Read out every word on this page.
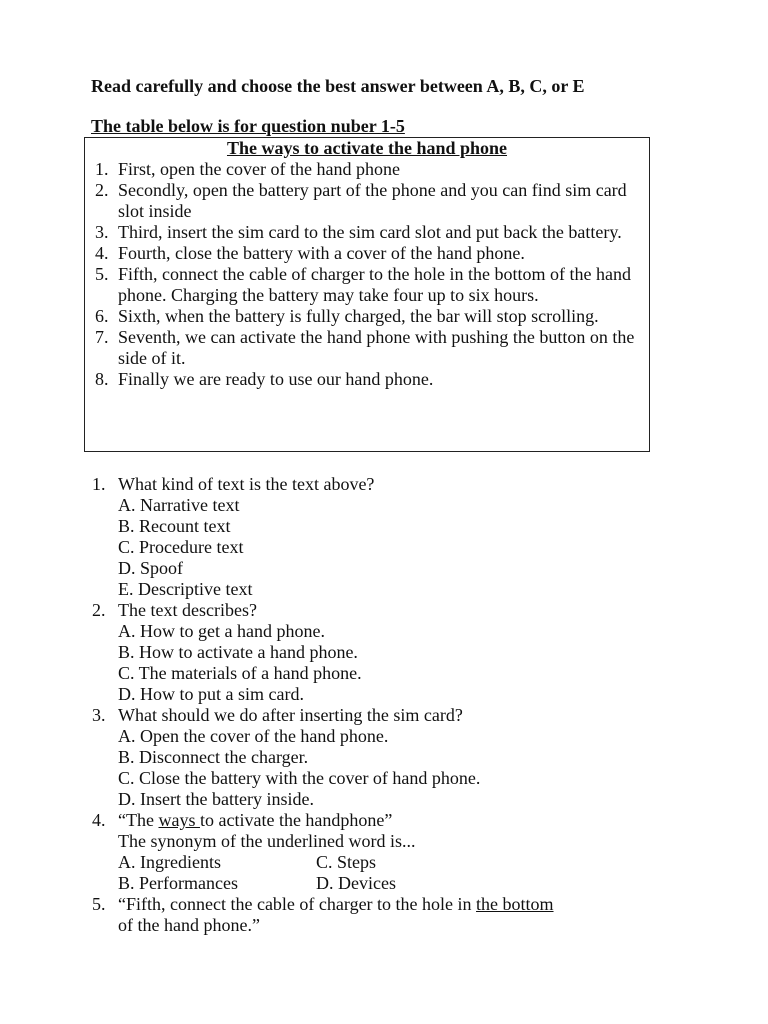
Read carefully and choose the best answer between A, B, C, or E
The table below is for question nuber 1-5
The ways to activate the hand phone
1. First, open the cover of the hand phone
2. Secondly, open the battery part of the phone and you can find sim card slot inside
3. Third, insert the sim card to the sim card slot and put back the battery.
4. Fourth, close the battery with a cover of the hand phone.
5. Fifth, connect the cable of charger to the hole in the bottom of the hand phone. Charging the battery may take four up to six hours.
6. Sixth, when the battery is fully charged, the bar will stop scrolling.
7. Seventh, we can activate the hand phone with pushing the button on the side of it.
8. Finally we are ready to use our hand phone.
1. What kind of text is the text above?
A. Narrative text
B. Recount text
C. Procedure text
D. Spoof
E. Descriptive text
2. The text describes?
A. How to get a hand phone.
B. How to activate a hand phone.
C. The materials of a hand phone.
D. How to put a sim card.
3. What should we do after inserting the sim card?
A. Open the cover of the hand phone.
B. Disconnect the charger.
C. Close the battery with the cover of hand phone.
D. Insert the battery inside.
4. “The ways to activate the handphone”
The synonym of the underlined word is...
A. Ingredients	C. Steps
B. Performances	D. Devices
5. “Fifth, connect the cable of charger to the hole in the bottom
of the hand phone.”
